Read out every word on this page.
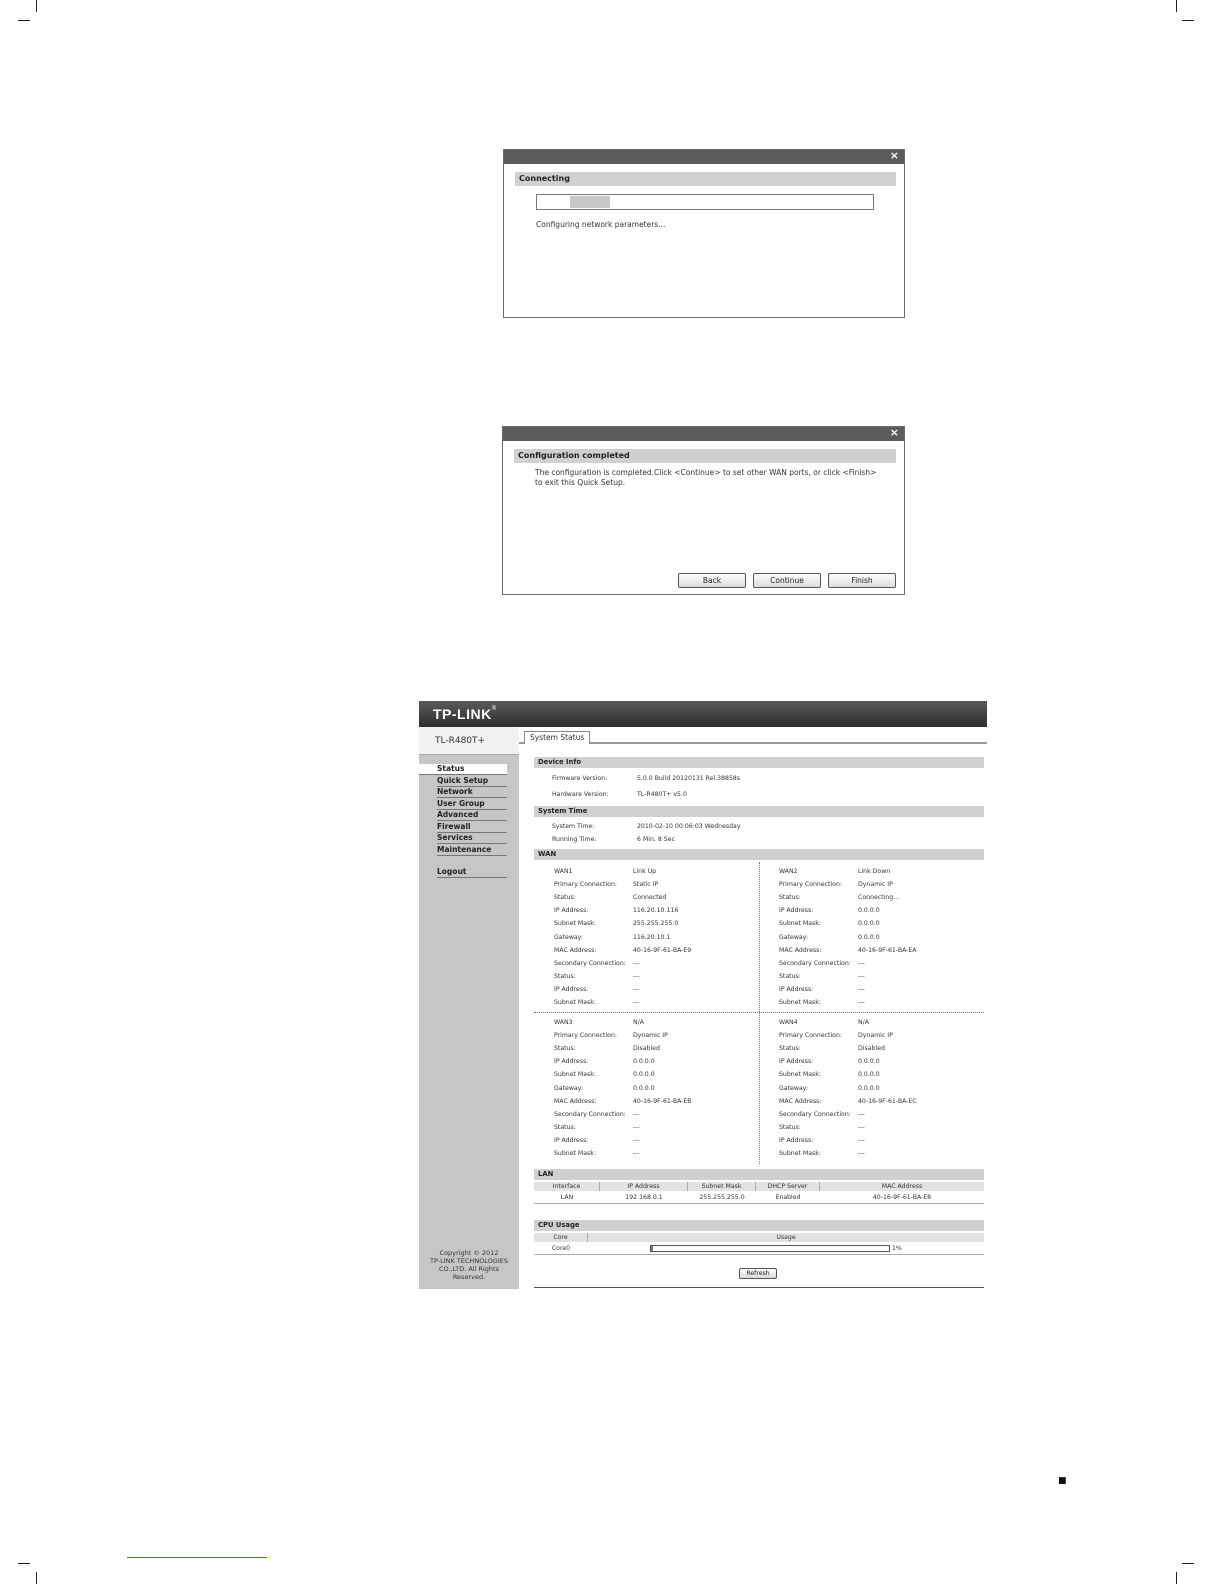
■
×
Connecting
Configuring network parameters...
×
Configuration completed
The configuration is completed.Click <Continue> to set other WAN ports, or click <Finish>
to exit this Quick Setup.
Back	Continue	Finish
TP-LINK®
TL-R480T+
Status
Quick Setup
Network
User Group
Advanced
Firewall
Services
Maintenance
Logout
Copyright © 2012
TP-LINK TECHNOLOGIES
CO.,LTD. All Rights
Reserved.
System Status
Device Info
Firmware Version:	5.0.0 Build 20120131 Rel.38858s
Hardware Version:	TL-R480T+ v5.0
System Time
System Time:	2010-02-10 00:06:03 Wednesday
Running Time:	6 Min, 8 Sec
WAN
WAN1	Link Up
Primary Connection:	Static IP
Status:	Connected
IP Address:	116.20.10.116
Subnet Mask:	255.255.255.0
Gateway:	116.20.10.1
MAC Address:	40-16-9F-61-BA-E9
Secondary Connection: ---
Status:	---
IP Address:	---
Subnet Mask:	---
WAN2	Link Down
Primary Connection:	Dynamic IP
Status:	Connecting...
IP Address:	0.0.0.0
Subnet Mask:	0.0.0.0
Gateway:	0.0.0.0
MAC Address:	40-16-9F-61-BA-EA
Secondary Connection: ---
Status:	---
IP Address:	---
Subnet Mask:	---
WAN3	N/A
Primary Connection:	Dynamic IP
Status:	Disabled
IP Address:	0.0.0.0
Subnet Mask:	0.0.0.0
Gateway:	0.0.0.0
MAC Address:	40-16-9F-61-BA-EB
Secondary Connection: ---
Status:	---
IP Address:	---
Subnet Mask:	---
WAN4	N/A
Primary Connection:	Dynamic IP
Status:	Disabled
IP Address:	0.0.0.0
Subnet Mask:	0.0.0.0
Gateway:	0.0.0.0
MAC Address:	40-16-9F-61-BA-EC
Secondary Connection: ---
Status:	---
IP Address:	---
Subnet Mask:	---
LAN
Interface	IP Address	Subnet Mask	DHCP Server	MAC Address
LAN	192.168.0.1	255.255.255.0	Enabled	40-16-9F-61-BA-E8
CPU Usage
Core	Usage
Core0	1%
Refresh
